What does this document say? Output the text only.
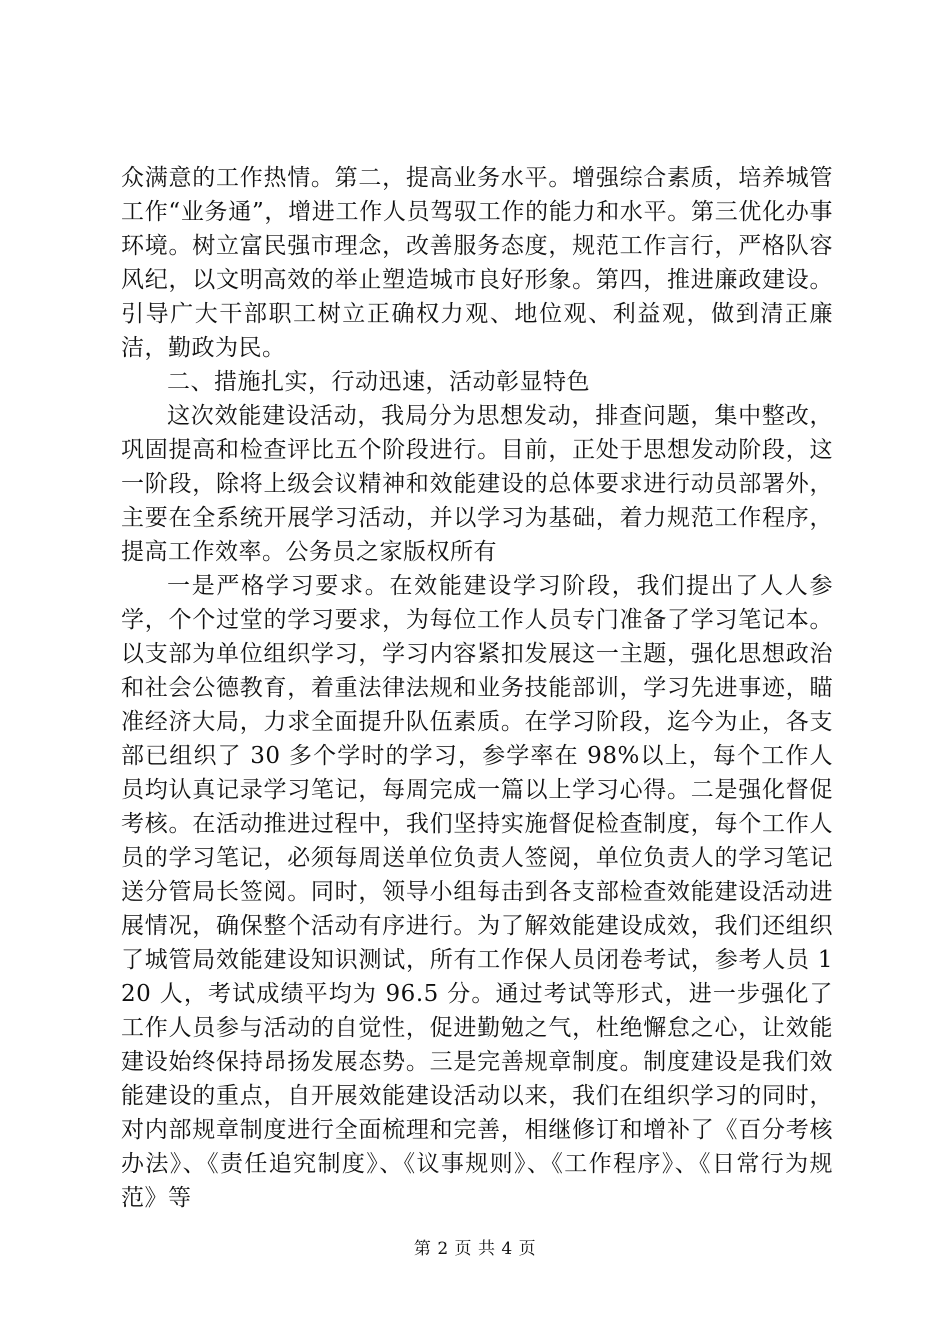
众满意的工作热情。第二，提高业务水平。增强综合素质，培养城管工作“业务通”，增进工作人员驾驭工作的能力和水平。第三优化办事环境。树立富民强市理念，改善服务态度，规范工作言行，严格队容风纪，以文明高效的举止塑造城市良好形象。第四，推进廉政建设。引导广大干部职工树立正确权力观、地位观、利益观，做到清正廉洁，勤政为民。

二、措施扎实，行动迅速，活动彰显特色

这次效能建设活动，我局分为思想发动，排查问题，集中整改，巩固提高和检查评比五个阶段进行。目前，正处于思想发动阶段，这一阶段，除将上级会议精神和效能建设的总体要求进行动员部署外，主要在全系统开展学习活动，并以学习为基础，着力规范工作程序，提高工作效率。公务员之家版权所有

一是严格学习要求。在效能建设学习阶段，我们提出了人人参学，个个过堂的学习要求，为每位工作人员专门准备了学习笔记本。以支部为单位组织学习，学习内容紧扣发展这一主题，强化思想政治和社会公德教育，着重法律法规和业务技能部训，学习先进事迹，瞄准经济大局，力求全面提升队伍素质。在学习阶段，迄今为止，各支部已组织了 30 多个学时的学习，参学率在 98%以上，每个工作人员均认真记录学习笔记，每周完成一篇以上学习心得。二是强化督促考核。在活动推进过程中，我们坚持实施督促检查制度，每个工作人员的学习笔记，必须每周送单位负责人签阅，单位负责人的学习笔记送分管局长签阅。同时，领导小组每击到各支部检查效能建设活动进展情况，确保整个活动有序进行。为了解效能建设成效，我们还组织了城管局效能建设知识测试，所有工作保人员闭卷考试，参考人员 120 人，考试成绩平均为 96.5 分。通过考试等形式，进一步强化了工作人员参与活动的自觉性，促进勤勉之气，杜绝懈怠之心，让效能建设始终保持昂扬发展态势。三是完善规章制度。制度建设是我们效能建设的重点，自开展效能建设活动以来，我们在组织学习的同时，对内部规章制度进行全面梳理和完善，相继修订和增补了《百分考核办法》、《责任追究制度》、《议事规则》、《工作程序》、《日常行为规范》等

第 2 页 共 4 页
